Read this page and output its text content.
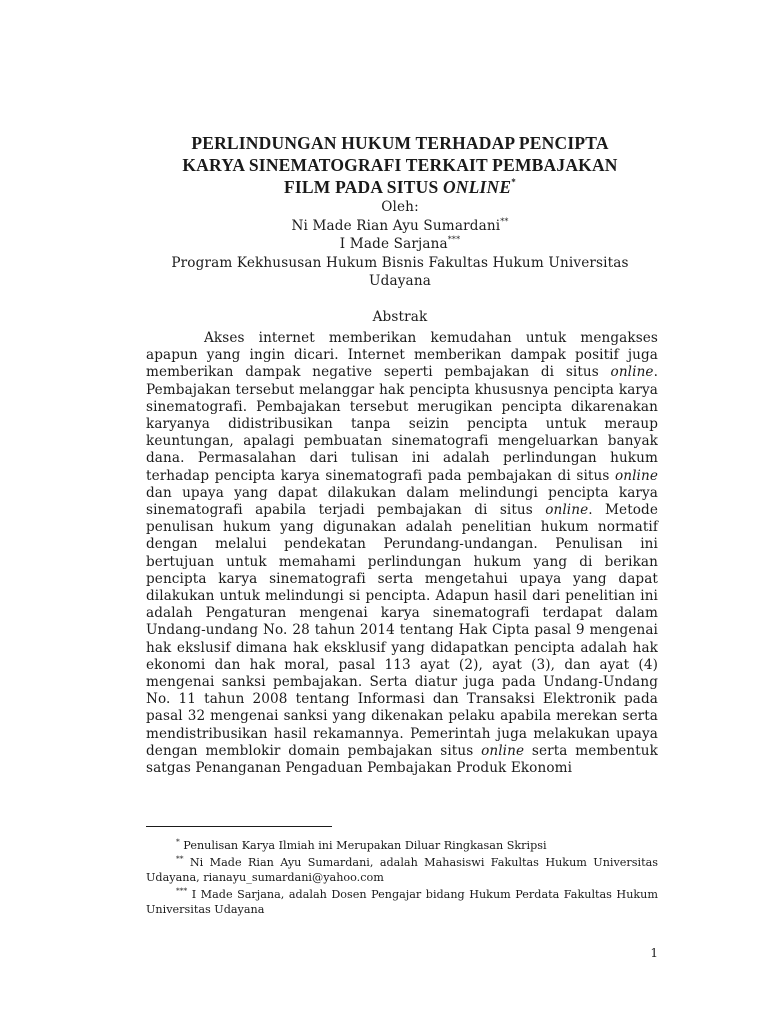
PERLINDUNGAN HUKUM TERHADAP PENCIPTA
KARYA SINEMATOGRAFI TERKAIT PEMBAJAKAN
FILM PADA SITUS ONLINE*
Oleh:
Ni Made Rian Ayu Sumardani**
I Made Sarjana***
Program Kekhususan Hukum Bisnis Fakultas Hukum Universitas
Udayana
Abstrak

Akses internet memberikan kemudahan untuk mengakses apapun yang ingin dicari. Internet memberikan dampak positif juga memberikan dampak negative seperti pembajakan di situs online. Pembajakan tersebut melanggar hak pencipta khususnya pencipta karya sinematografi. Pembajakan tersebut merugikan pencipta dikarenakan karyanya didistribusikan tanpa seizin pencipta untuk meraup keuntungan, apalagi pembuatan sinematografi mengeluarkan banyak dana. Permasalahan dari tulisan ini adalah perlindungan hukum terhadap pencipta karya sinematografi pada pembajakan di situs online dan upaya yang dapat dilakukan dalam melindungi pencipta karya sinematografi apabila terjadi pembajakan di situs online. Metode penulisan hukum yang digunakan adalah penelitian hukum normatif dengan melalui pendekatan Perundang-undangan. Penulisan ini bertujuan untuk memahami perlindungan hukum yang di berikan pencipta karya sinematografi serta mengetahui upaya yang dapat dilakukan untuk melindungi si pencipta. Adapun hasil dari penelitian ini adalah Pengaturan mengenai karya sinematografi terdapat dalam Undang-undang No. 28 tahun 2014 tentang Hak Cipta pasal 9 mengenai hak ekslusif dimana hak eksklusif yang didapatkan pencipta adalah hak ekonomi dan hak moral, pasal 113 ayat (2), ayat (3), dan ayat (4) mengenai sanksi pembajakan. Serta diatur juga pada Undang-Undang No. 11 tahun 2008 tentang Informasi dan Transaksi Elektronik pada pasal 32 mengenai sanksi yang dikenakan pelaku apabila merekan serta mendistribusikan hasil rekamannya. Pemerintah juga melakukan upaya dengan memblokir domain pembajakan situs online serta membentuk satgas Penanganan Pengaduan Pembajakan Produk Ekonomi

* Penulisan Karya Ilmiah ini Merupakan Diluar Ringkasan Skripsi

** Ni Made Rian Ayu Sumardani, adalah Mahasiswi Fakultas Hukum Universitas Udayana, rianayu_sumardani@yahoo.com

*** I Made Sarjana, adalah Dosen Pengajar bidang Hukum Perdata Fakultas Hukum Universitas Udayana

1
